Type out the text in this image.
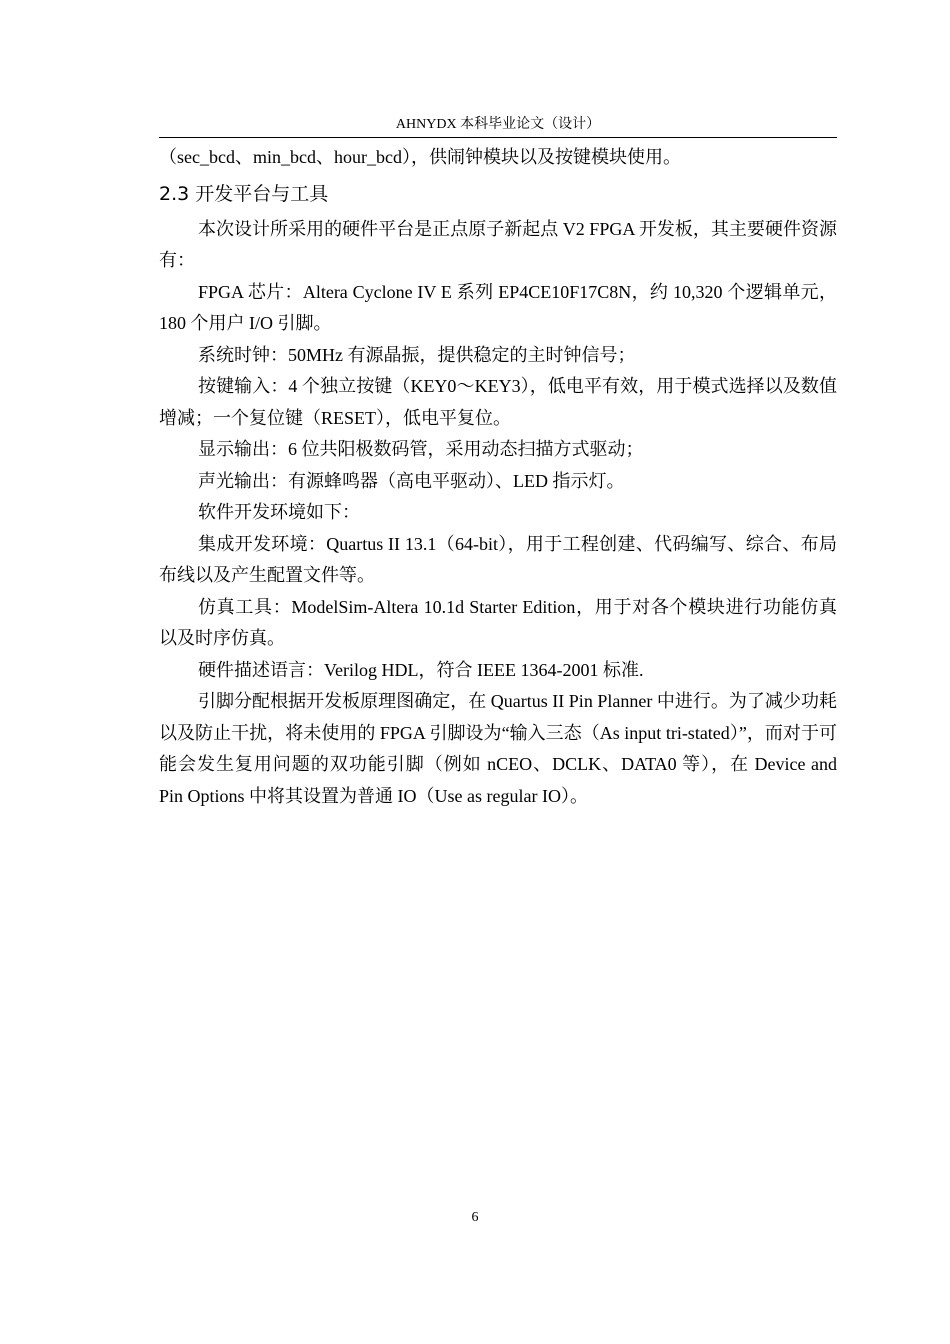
AHNYDX 本科毕业论文（设计）

（sec_bcd、min_bcd、hour_bcd），供闹钟模块以及按键模块使用。

2.3 开发平台与工具

本次设计所采用的硬件平台是正点原子新起点 V2 FPGA 开发板，其主要硬件资源有：

FPGA 芯片：Altera Cyclone IV E 系列 EP4CE10F17C8N，约 10,320 个逻辑单元，180 个用户 I/O 引脚。

系统时钟：50MHz 有源晶振，提供稳定的主时钟信号；

按键输入：4 个独立按键（KEY0～KEY3），低电平有效，用于模式选择以及数值增减；一个复位键（RESET），低电平复位。

显示输出：6 位共阳极数码管，采用动态扫描方式驱动；

声光输出：有源蜂鸣器（高电平驱动）、LED 指示灯。

软件开发环境如下：

集成开发环境：Quartus II 13.1（64-bit），用于工程创建、代码编写、综合、布局布线以及产生配置文件等。

仿真工具：ModelSim-Altera 10.1d Starter Edition，用于对各个模块进行功能仿真以及时序仿真。

硬件描述语言：Verilog HDL，符合 IEEE 1364-2001 标准.

引脚分配根据开发板原理图确定，在 Quartus II Pin Planner 中进行。为了减少功耗以及防止干扰，将未使用的 FPGA 引脚设为“输入三态（As input tri-stated）”，而对于可能会发生复用问题的双功能引脚（例如 nCEO、DCLK、DATA0 等），在 Device and Pin Options 中将其设置为普通 IO（Use as regular IO）。

6
